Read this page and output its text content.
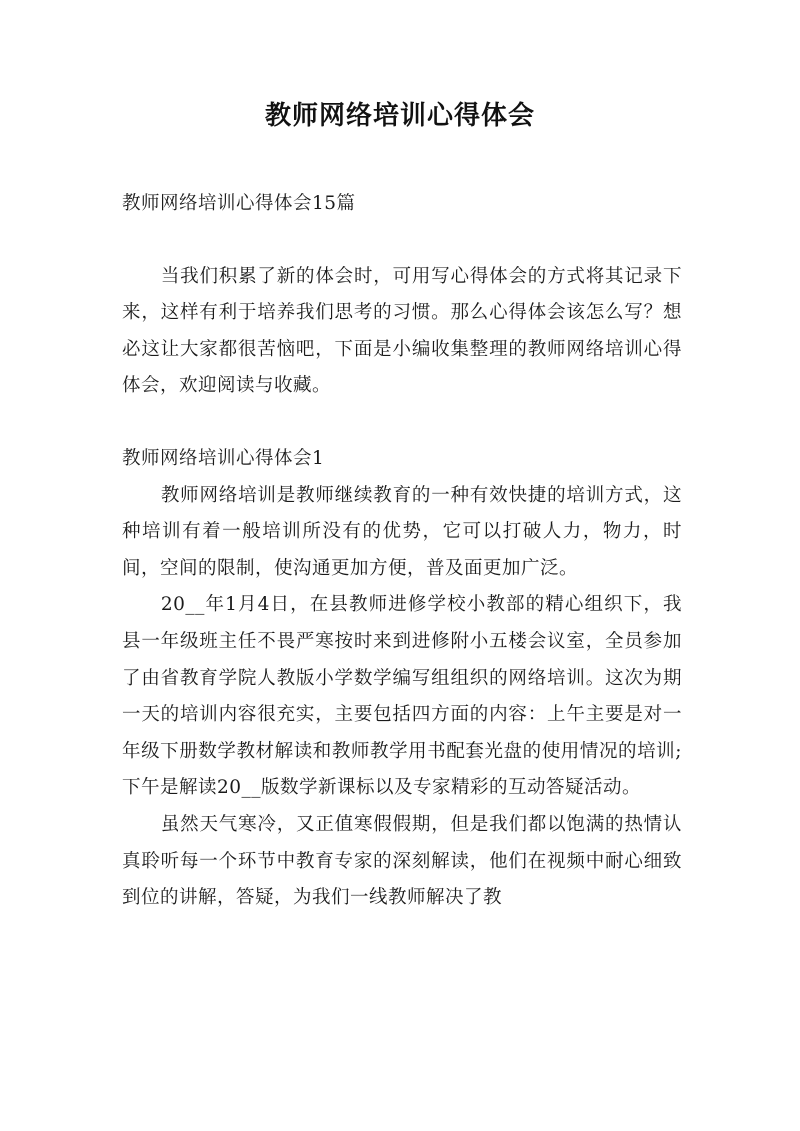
教师网络培训心得体会

教师网络培训心得体会15篇

当我们积累了新的体会时，可用写心得体会的方式将其记录下来，这样有利于培养我们思考的习惯。那么心得体会该怎么写？想必这让大家都很苦恼吧，下面是小编收集整理的教师网络培训心得体会，欢迎阅读与收藏。

教师网络培训心得体会1

教师网络培训是教师继续教育的一种有效快捷的培训方式，这种培训有着一般培训所没有的优势，它可以打破人力，物力，时间，空间的限制，使沟通更加方便，普及面更加广泛。

20__年1月4日，在县教师进修学校小教部的精心组织下，我县一年级班主任不畏严寒按时来到进修附小五楼会议室，全员参加了由省教育学院人教版小学数学编写组组织的网络培训。这次为期一天的培训内容很充实，主要包括四方面的内容：上午主要是对一年级下册数学教材解读和教师教学用书配套光盘的使用情况的培训;下午是解读20__版数学新课标以及专家精彩的互动答疑活动。

虽然天气寒冷，又正值寒假假期，但是我们都以饱满的热情认真聆听每一个环节中教育专家的深刻解读，他们在视频中耐心细致到位的讲解，答疑，为我们一线教师解决了教
